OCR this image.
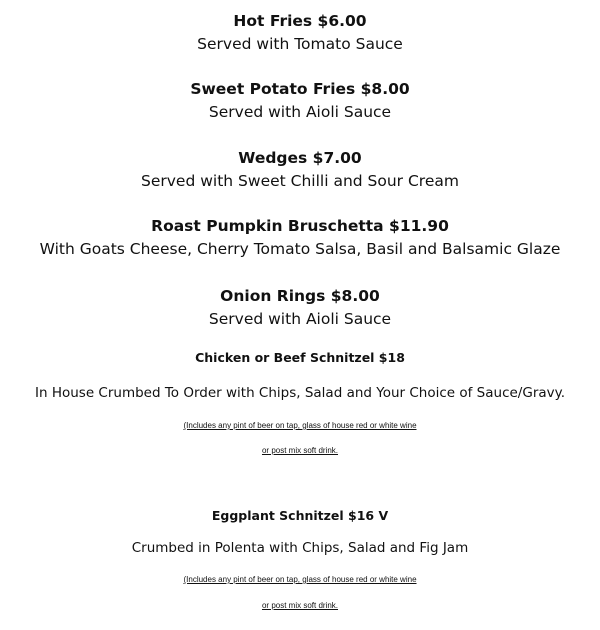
Hot Fries $6.00
Served with Tomato Sauce
Sweet Potato Fries $8.00
Served with Aioli Sauce
Wedges $7.00
Served with Sweet Chilli and Sour Cream
Roast Pumpkin Bruschetta $11.90
With Goats Cheese, Cherry Tomato Salsa, Basil and Balsamic Glaze
Onion Rings $8.00
Served with Aioli Sauce
Chicken or Beef Schnitzel $18
In House Crumbed To Order with Chips, Salad and Your Choice of Sauce/Gravy.
(Includes any pint of beer on tap, glass of house red or white wine
or post mix soft drink.
Eggplant Schnitzel $16 V
Crumbed in Polenta with Chips, Salad and Fig Jam
(Includes any pint of beer on tap, glass of house red or white wine
or post mix soft drink.
